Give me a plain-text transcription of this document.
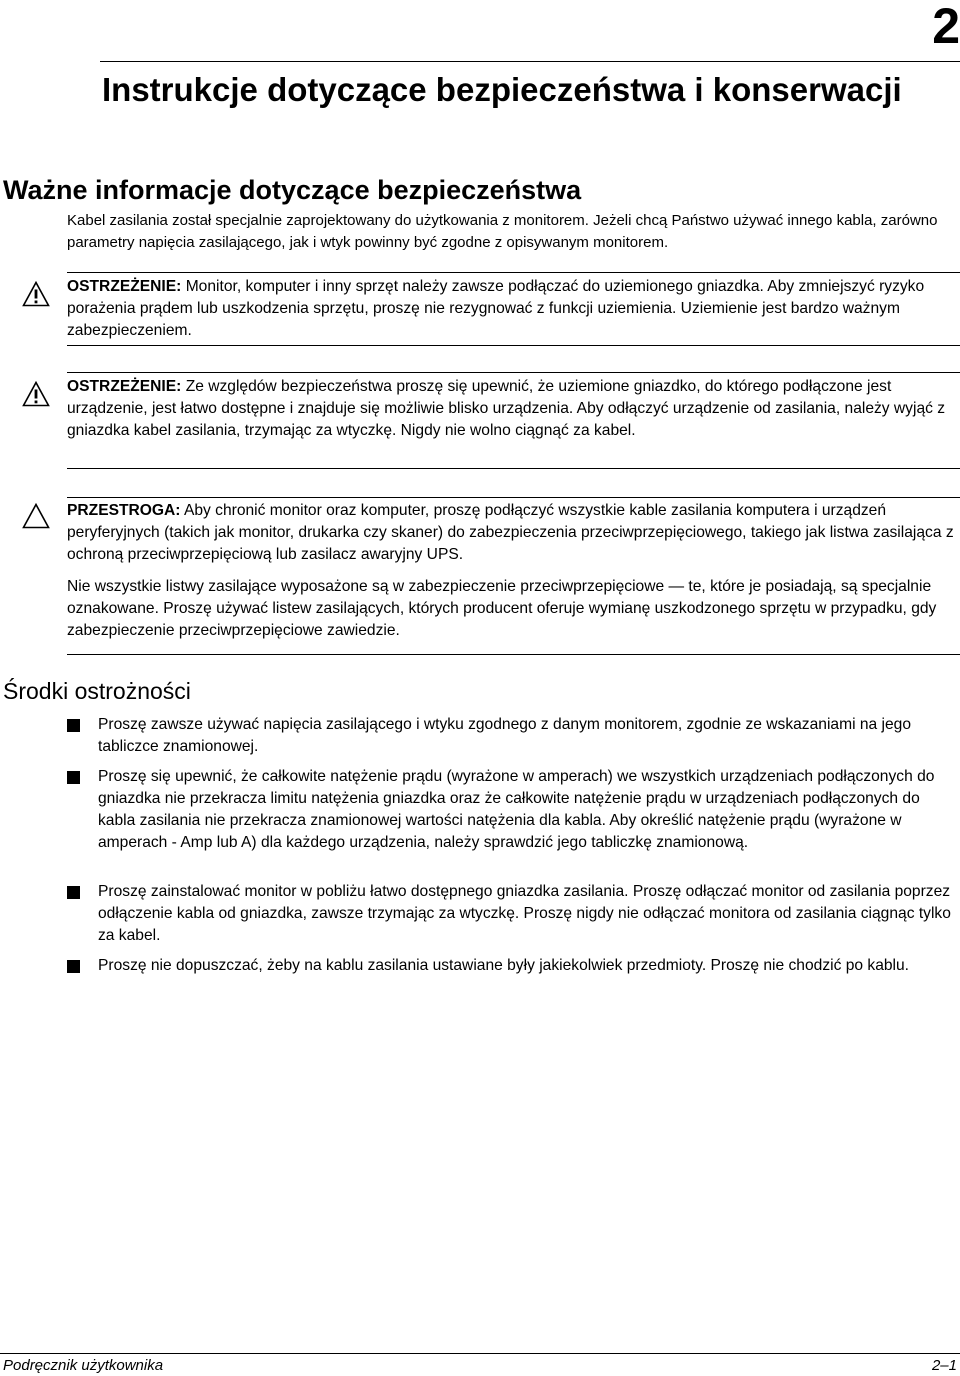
2
Instrukcje dotyczące bezpieczeństwa i konserwacji
Ważne informacje dotyczące bezpieczeństwa
Kabel zasilania został specjalnie zaprojektowany do użytkowania z monitorem. Jeżeli chcą Państwo używać innego kabla, zarówno parametry napięcia zasilającego, jak i wtyk powinny być zgodne z opisywanym monitorem.
OSTRZEŻENIE: Monitor, komputer i inny sprzęt należy zawsze podłączać do uziemionego gniazdka. Aby zmniejszyć ryzyko porażenia prądem lub uszkodzenia sprzętu, proszę nie rezygnować z funkcji uziemienia. Uziemienie jest bardzo ważnym zabezpieczeniem.
OSTRZEŻENIE: Ze względów bezpieczeństwa proszę się upewnić, że uziemione gniazdko, do którego podłączone jest urządzenie, jest łatwo dostępne i znajduje się możliwie blisko urządzenia. Aby odłączyć urządzenie od zasilania, należy wyjąć z gniazdka kabel zasilania, trzymając za wtyczkę. Nigdy nie wolno ciągnąć za kabel.
PRZESTROGA: Aby chronić monitor oraz komputer, proszę podłączyć wszystkie kable zasilania komputera i urządzeń peryferyjnych (takich jak monitor, drukarka czy skaner) do zabezpieczenia przeciwprzepięciowego, takiego jak listwa zasilająca z ochroną przeciwprzepięciową lub zasilacz awaryjny UPS.
Nie wszystkie listwy zasilające wyposażone są w zabezpieczenie przeciwprzepięciowe — te, które je posiadają, są specjalnie oznakowane. Proszę używać listew zasilających, których producent oferuje wymianę uszkodzonego sprzętu w przypadku, gdy zabezpieczenie przeciwprzepięciowe zawiedzie.
Środki ostrożności
Proszę zawsze używać napięcia zasilającego i wtyku zgodnego z danym monitorem, zgodnie ze wskazaniami na jego tabliczce znamionowej.
Proszę się upewnić, że całkowite natężenie prądu (wyrażone w amperach) we wszystkich urządzeniach podłączonych do gniazdka nie przekracza limitu natężenia gniazdka oraz że całkowite natężenie prądu w urządzeniach podłączonych do kabla zasilania nie przekracza znamionowej wartości natężenia dla kabla. Aby określić natężenie prądu (wyrażone w amperach - Amp lub A) dla każdego urządzenia, należy sprawdzić jego tabliczkę znamionową.
Proszę zainstalować monitor w pobliżu łatwo dostępnego gniazdka zasilania. Proszę odłączać monitor od zasilania poprzez odłączenie kabla od gniazdka, zawsze trzymając za wtyczkę. Proszę nigdy nie odłączać monitora od zasilania ciągnąc tylko za kabel.
Proszę nie dopuszczać, żeby na kablu zasilania ustawiane były jakiekolwiek przedmioty. Proszę nie chodzić po kablu.
Podręcznik użytkownika	2–1
